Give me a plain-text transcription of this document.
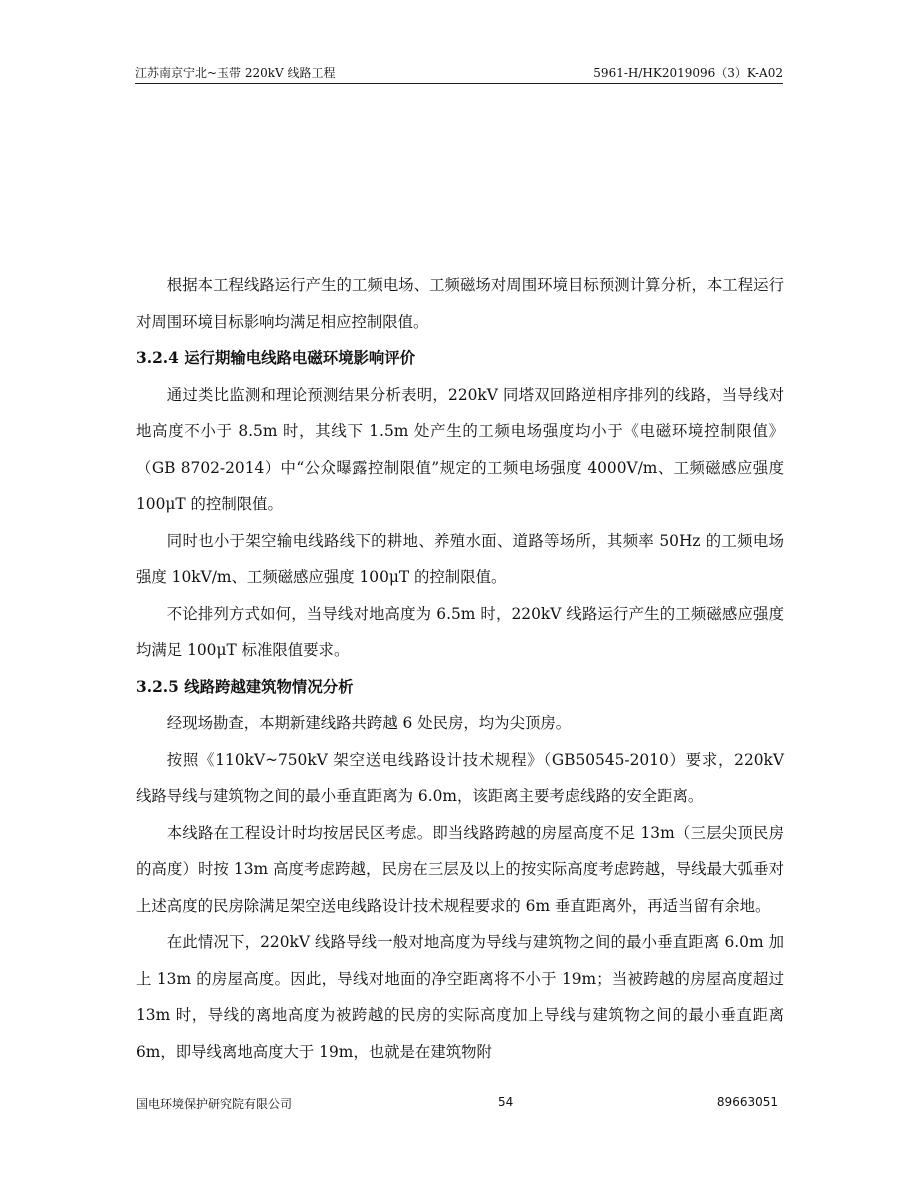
江苏南京宁北~玉带 220kV 线路工程	5961-H/HK2019096（3）K-A02

根据本工程线路运行产生的工频电场、工频磁场对周围环境目标预测计算分析，本工程运行对周围环境目标影响均满足相应控制限值。

3.2.4 运行期输电线路电磁环境影响评价

通过类比监测和理论预测结果分析表明，220kV 同塔双回路逆相序排列的线路，当导线对地高度不小于 8.5m 时，其线下 1.5m 处产生的工频电场强度均小于《电磁环境控制限值》（GB 8702-2014）中“公众曝露控制限值”规定的工频电场强度 4000V/m、工频磁感应强度 100μT 的控制限值。

同时也小于架空输电线路线下的耕地、养殖水面、道路等场所，其频率 50Hz 的工频电场强度 10kV/m、工频磁感应强度 100μT 的控制限值。

不论排列方式如何，当导线对地高度为 6.5m 时，220kV 线路运行产生的工频磁感应强度均满足 100μT 标准限值要求。

3.2.5 线路跨越建筑物情况分析

经现场勘查，本期新建线路共跨越 6 处民房，均为尖顶房。

按照《110kV~750kV 架空送电线路设计技术规程》（GB50545-2010）要求，220kV 线路导线与建筑物之间的最小垂直距离为 6.0m，该距离主要考虑线路的安全距离。

本线路在工程设计时均按居民区考虑。即当线路跨越的房屋高度不足 13m（三层尖顶民房的高度）时按 13m 高度考虑跨越，民房在三层及以上的按实际高度考虑跨越，导线最大弧垂对上述高度的民房除满足架空送电线路设计技术规程要求的 6m 垂直距离外，再适当留有余地。

在此情况下，220kV 线路导线一般对地高度为导线与建筑物之间的最小垂直距离 6.0m 加上 13m 的房屋高度。因此，导线对地面的净空距离将不小于 19m；当被跨越的房屋高度超过 13m 时，导线的离地高度为被跨越的民房的实际高度加上导线与建筑物之间的最小垂直距离 6m，即导线离地高度大于 19m，也就是在建筑物附

国电环境保护研究院有限公司	54	89663051
